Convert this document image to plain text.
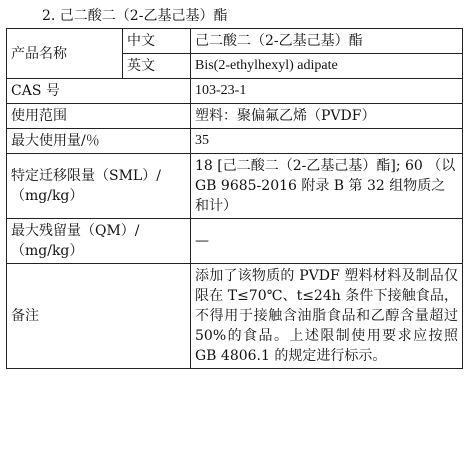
2. 己二酸二（2-乙基己基）酯
产品名称	中文	己二酸二（2-乙基己基）酯
	英文	Bis(2-ethylhexyl) adipate
CAS 号		103-23-1
使用范围		塑料：聚偏氟乙烯（PVDF）
最大使用量/％		35
特定迁移限量（SML）/（mg/kg）		18 [己二酸二（2-乙基己基）酯]; 60 （以 GB 9685-2016 附录 B 第 32 组物质之和计）
最大残留量（QM）/（mg/kg）		—
备注		添加了该物质的 PVDF 塑料材料及制品仅限在 T≤70℃、t≤24h 条件下接触食品，不得用于接触含油脂食品和乙醇含量超过 50%的食品。上述限制使用要求应按照 GB 4806.1 的规定进行标示。
